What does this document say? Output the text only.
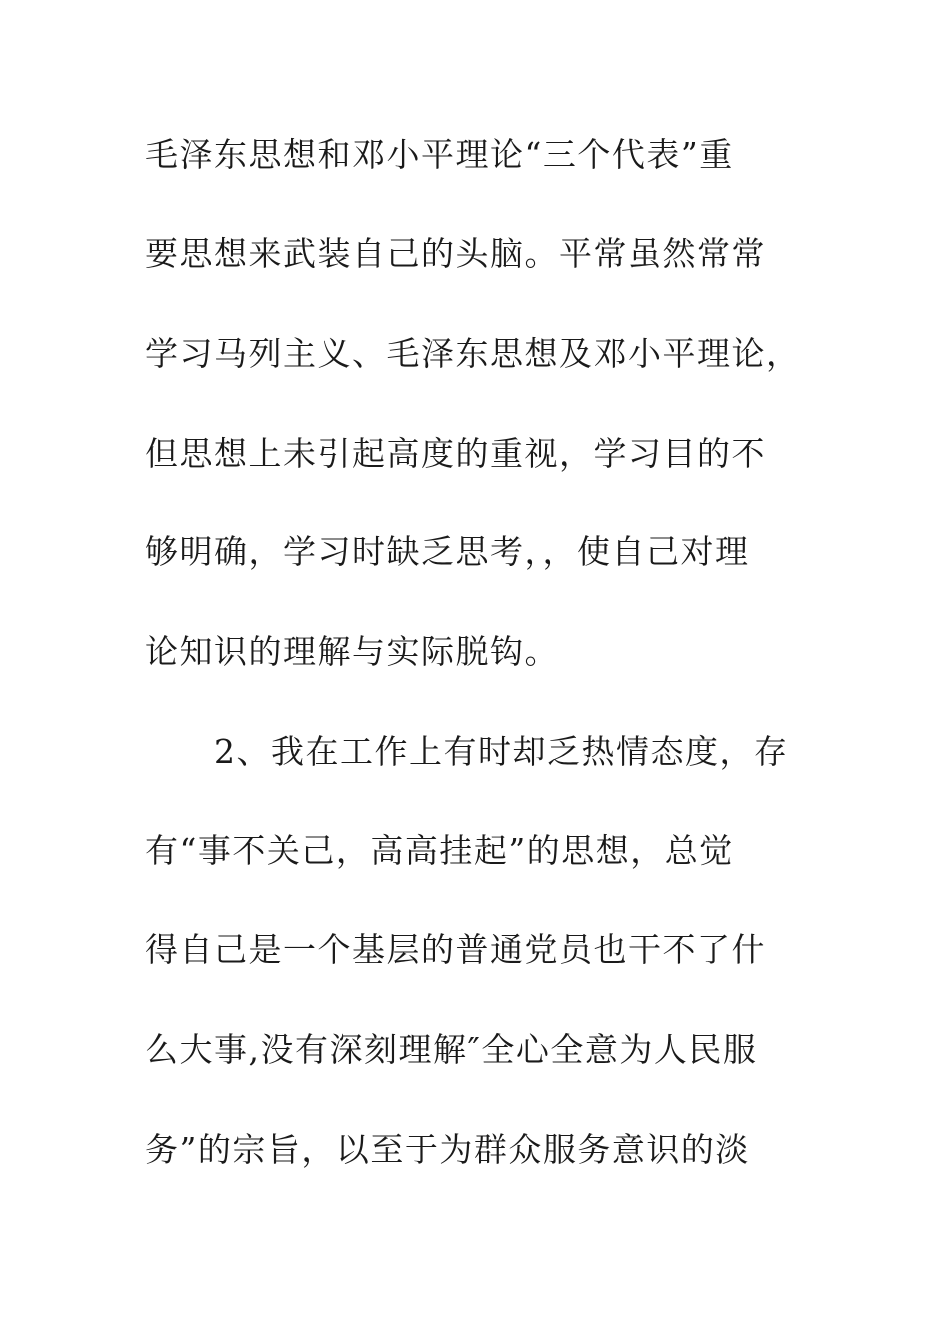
毛泽东思想和邓小平理论“三个代表”重
要思想来武装自己的头脑。平常虽然常常
学习马列主义、毛泽东思想及邓小平理论，
但思想上未引起高度的重视，学习目的不
够明确，学习时缺乏思考，，使自己对理
论知识的理解与实际脱钩。
2、我在工作上有时却乏热情态度，存
有“事不关己，高高挂起”的思想，总觉
得自己是一个基层的普通党员也干不了什
么大事,没有深刻理解″全心全意为人民服
务”的宗旨，以至于为群众服务意识的淡
